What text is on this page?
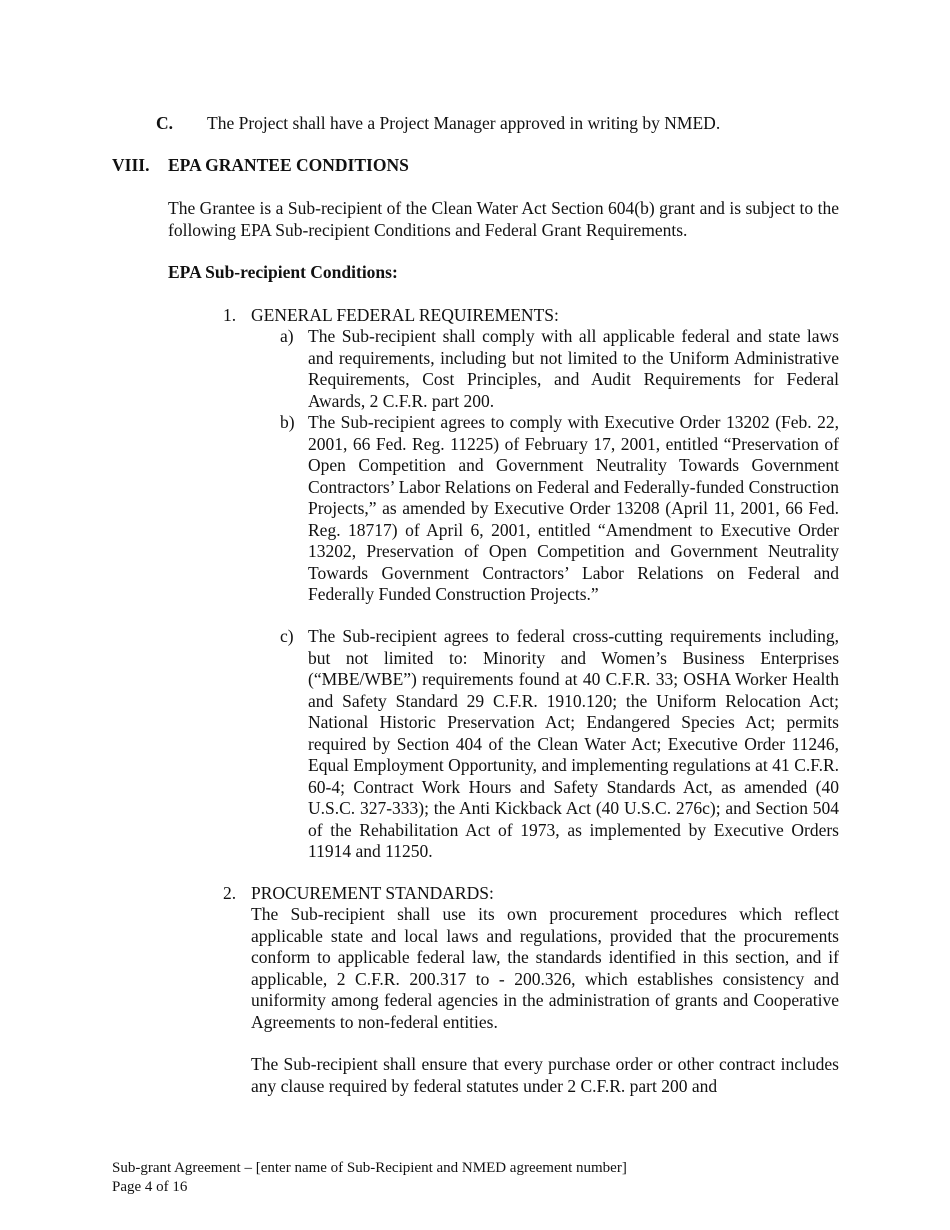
C. The Project shall have a Project Manager approved in writing by NMED.
VIII. EPA GRANTEE CONDITIONS
The Grantee is a Sub-recipient of the Clean Water Act Section 604(b) grant and is subject to the following EPA Sub-recipient Conditions and Federal Grant Requirements.
EPA Sub-recipient Conditions:
1. GENERAL FEDERAL REQUIREMENTS:
a) The Sub-recipient shall comply with all applicable federal and state laws and requirements, including but not limited to the Uniform Administrative Requirements, Cost Principles, and Audit Requirements for Federal Awards, 2 C.F.R. part 200.
b) The Sub-recipient agrees to comply with Executive Order 13202 (Feb. 22, 2001, 66 Fed. Reg. 11225) of February 17, 2001, entitled “Preservation of Open Competition and Government Neutrality Towards Government Contractors’ Labor Relations on Federal and Federally-funded Construction Projects,” as amended by Executive Order 13208 (April 11, 2001, 66 Fed. Reg. 18717) of April 6, 2001, entitled “Amendment to Executive Order 13202, Preservation of Open Competition and Government Neutrality Towards Government Contractors’ Labor Relations on Federal and Federally Funded Construction Projects.”
c) The Sub-recipient agrees to federal cross-cutting requirements including, but not limited to: Minority and Women’s Business Enterprises (“MBE/WBE”) requirements found at 40 C.F.R. 33; OSHA Worker Health and Safety Standard 29 C.F.R. 1910.120; the Uniform Relocation Act; National Historic Preservation Act; Endangered Species Act; permits required by Section 404 of the Clean Water Act; Executive Order 11246, Equal Employment Opportunity, and implementing regulations at 41 C.F.R. 60-4; Contract Work Hours and Safety Standards Act, as amended (40 U.S.C. 327-333); the Anti Kickback Act (40 U.S.C. 276c); and Section 504 of the Rehabilitation Act of 1973, as implemented by Executive Orders 11914 and 11250.
2. PROCUREMENT STANDARDS:
The Sub-recipient shall use its own procurement procedures which reflect applicable state and local laws and regulations, provided that the procurements conform to applicable federal law, the standards identified in this section, and if applicable, 2 C.F.R. 200.317 to - 200.326, which establishes consistency and uniformity among federal agencies in the administration of grants and Cooperative Agreements to non-federal entities.
The Sub-recipient shall ensure that every purchase order or other contract includes any clause required by federal statutes under 2 C.F.R. part 200 and
Sub-grant Agreement – [enter name of Sub-Recipient and NMED agreement number]
Page 4 of 16
